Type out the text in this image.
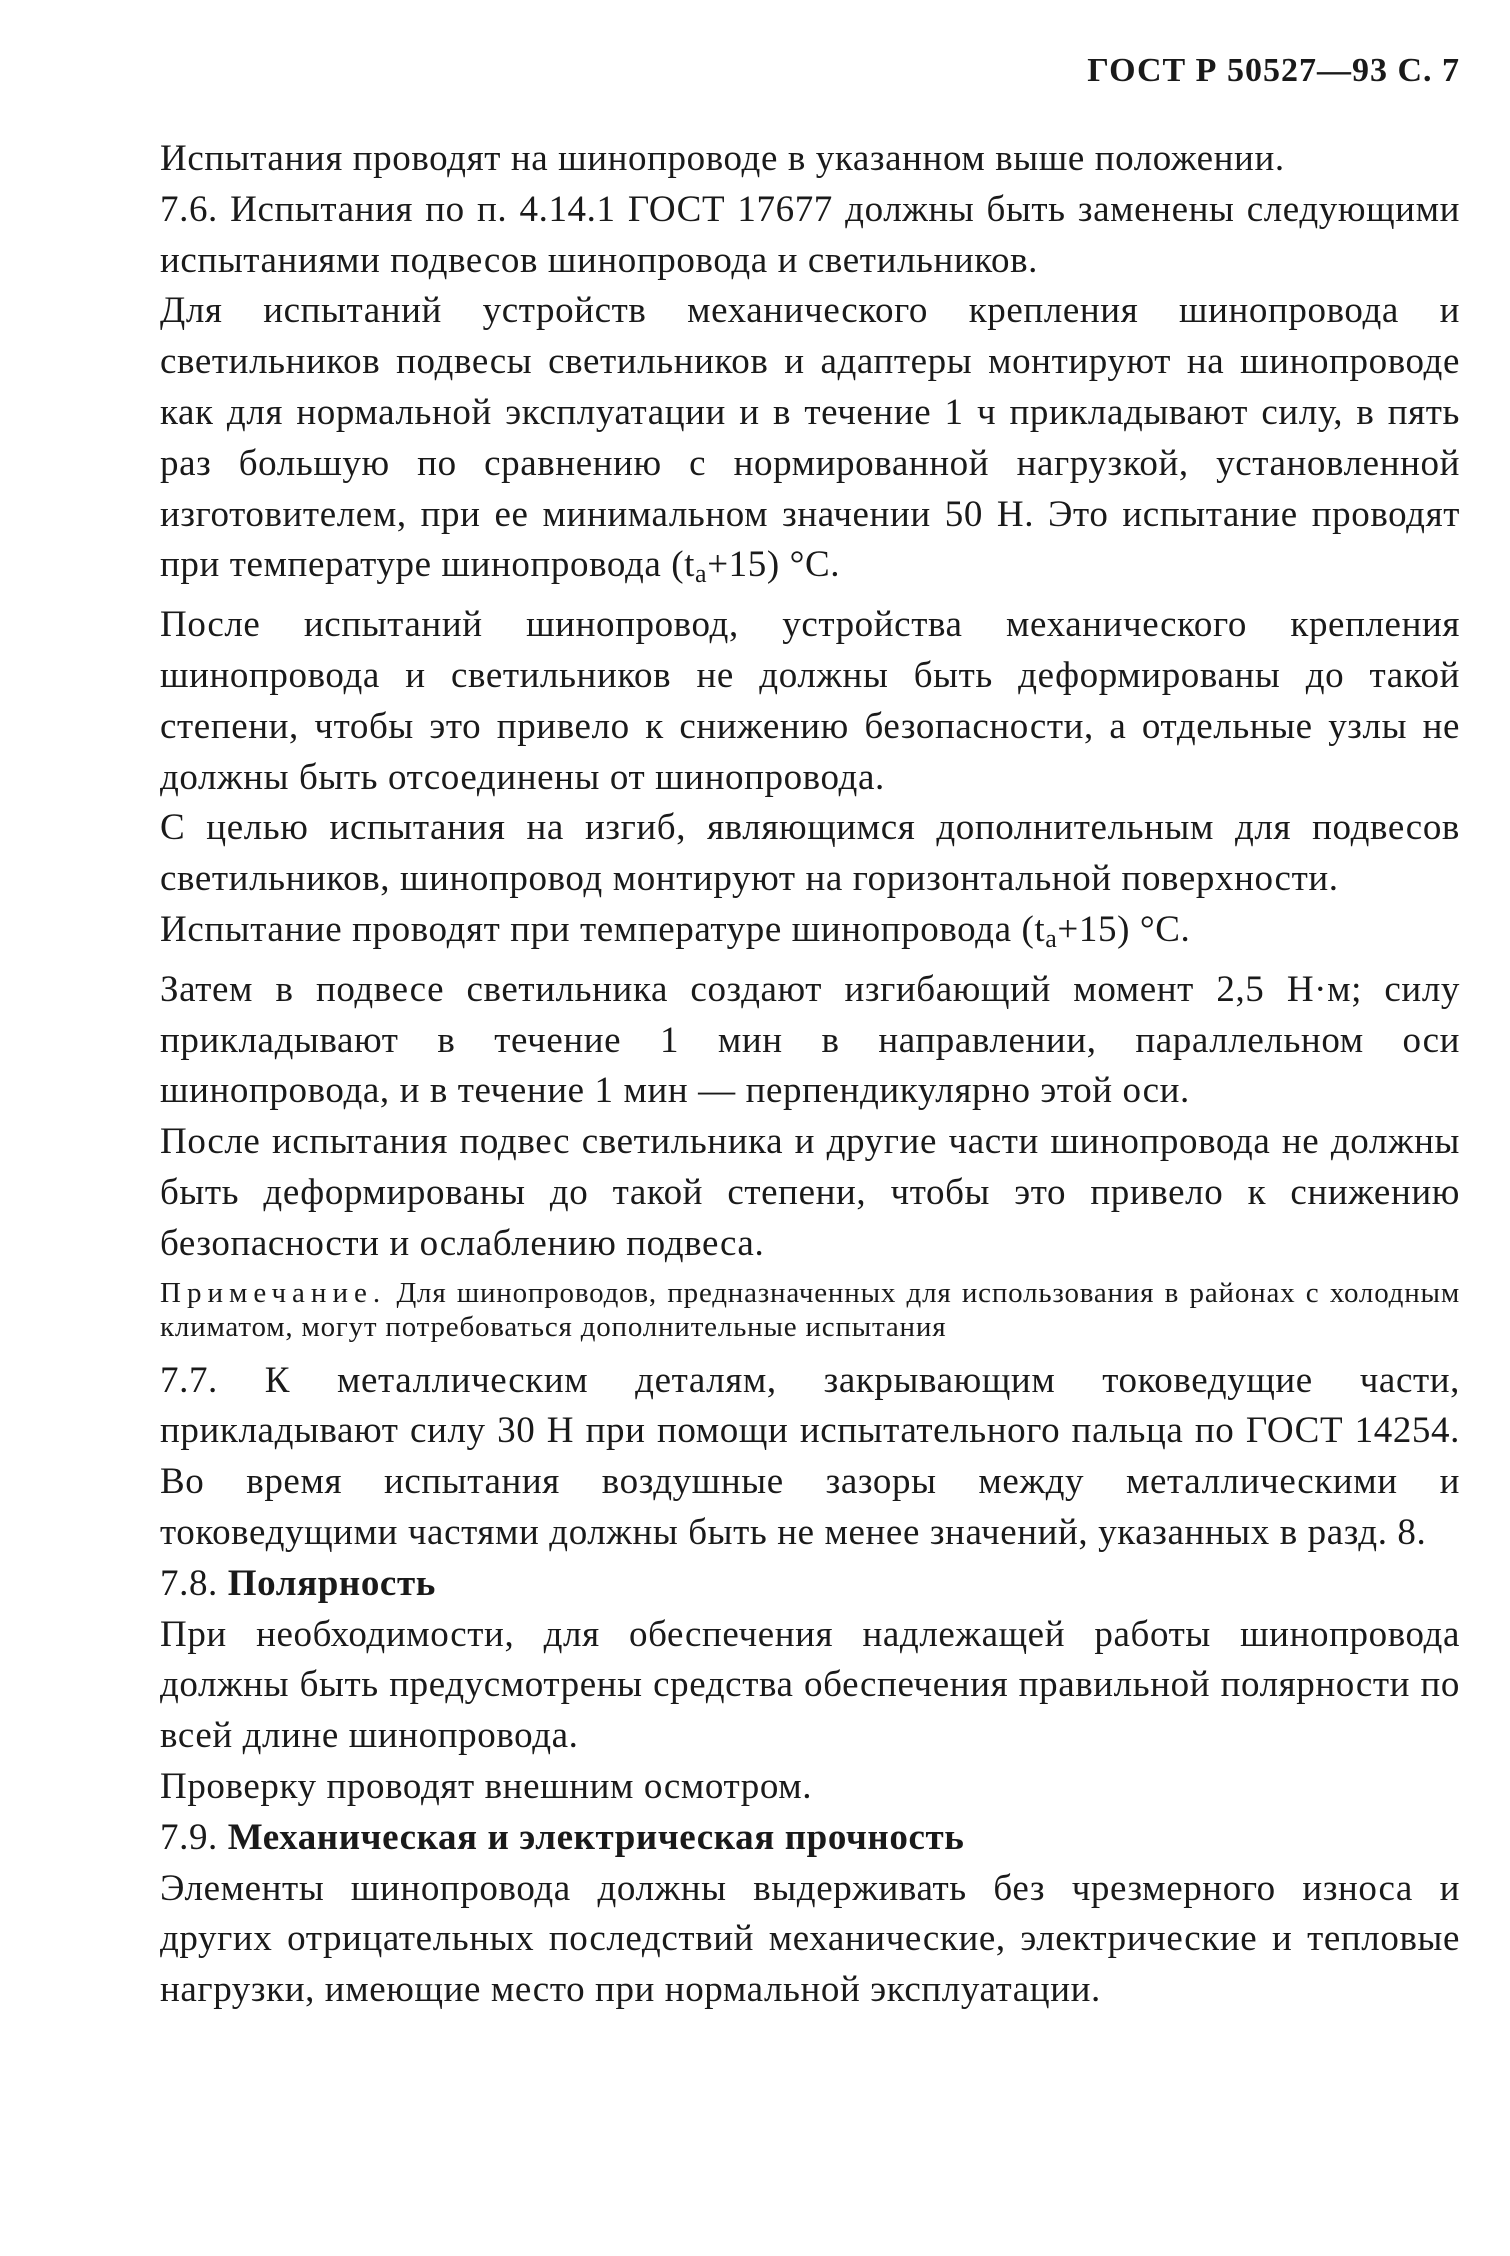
ГОСТ Р 50527—93 С. 7

Испытания проводят на шинопроводе в указанном выше положении.

7.6. Испытания по п. 4.14.1 ГОСТ 17677 должны быть заменены следующими испытаниями подвесов шинопровода и светильников.

Для испытаний устройств механического крепления шинопровода и светильников подвесы светильников и адаптеры монтируют на шинопроводе как для нормальной эксплуатации и в течение 1 ч прикладывают силу, в пять раз большую по сравнению с нормированной нагрузкой, установленной изготовителем, при ее минимальном значении 50 Н. Это испытание проводят при температуре шинопровода $(t_a+15)$ °С.

После испытаний шинопровод, устройства механического крепления шинопровода и светильников не должны быть деформированы до такой степени, чтобы это привело к снижению безопасности, а отдельные узлы не должны быть отсоединены от шинопровода.

С целью испытания на изгиб, являющимся дополнительным для подвесов светильников, шинопровод монтируют на горизонтальной поверхности.

Испытание проводят при температуре шинопровода $(t_a+15)$ °С.

Затем в подвесе светильника создают изгибающий момент 2,5 Н·м; силу прикладывают в течение 1 мин в направлении, параллельном оси шинопровода, и в течение 1 мин — перпендикулярно этой оси.

После испытания подвес светильника и другие части шинопровода не должны быть деформированы до такой степени, чтобы это привело к снижению безопасности и ослаблению подвеса.

Примечание. Для шинопроводов, предназначенных для использования в районах с холодным климатом, могут потребоваться дополнительные испытания

7.7. К металлическим деталям, закрывающим токоведущие части, прикладывают силу 30 Н при помощи испытательного пальца по ГОСТ 14254. Во время испытания воздушные зазоры между металлическими и токоведущими частями должны быть не менее значений, указанных в разд. 8.

7.8. Полярность

При необходимости, для обеспечения надлежащей работы шинопровода должны быть предусмотрены средства обеспечения правильной полярности по всей длине шинопровода.

Проверку проводят внешним осмотром.

7.9. Механическая и электрическая прочность

Элементы шинопровода должны выдерживать без чрезмерного износа и других отрицательных последствий механические, электрические и тепловые нагрузки, имеющие место при нормальной эксплуатации.
